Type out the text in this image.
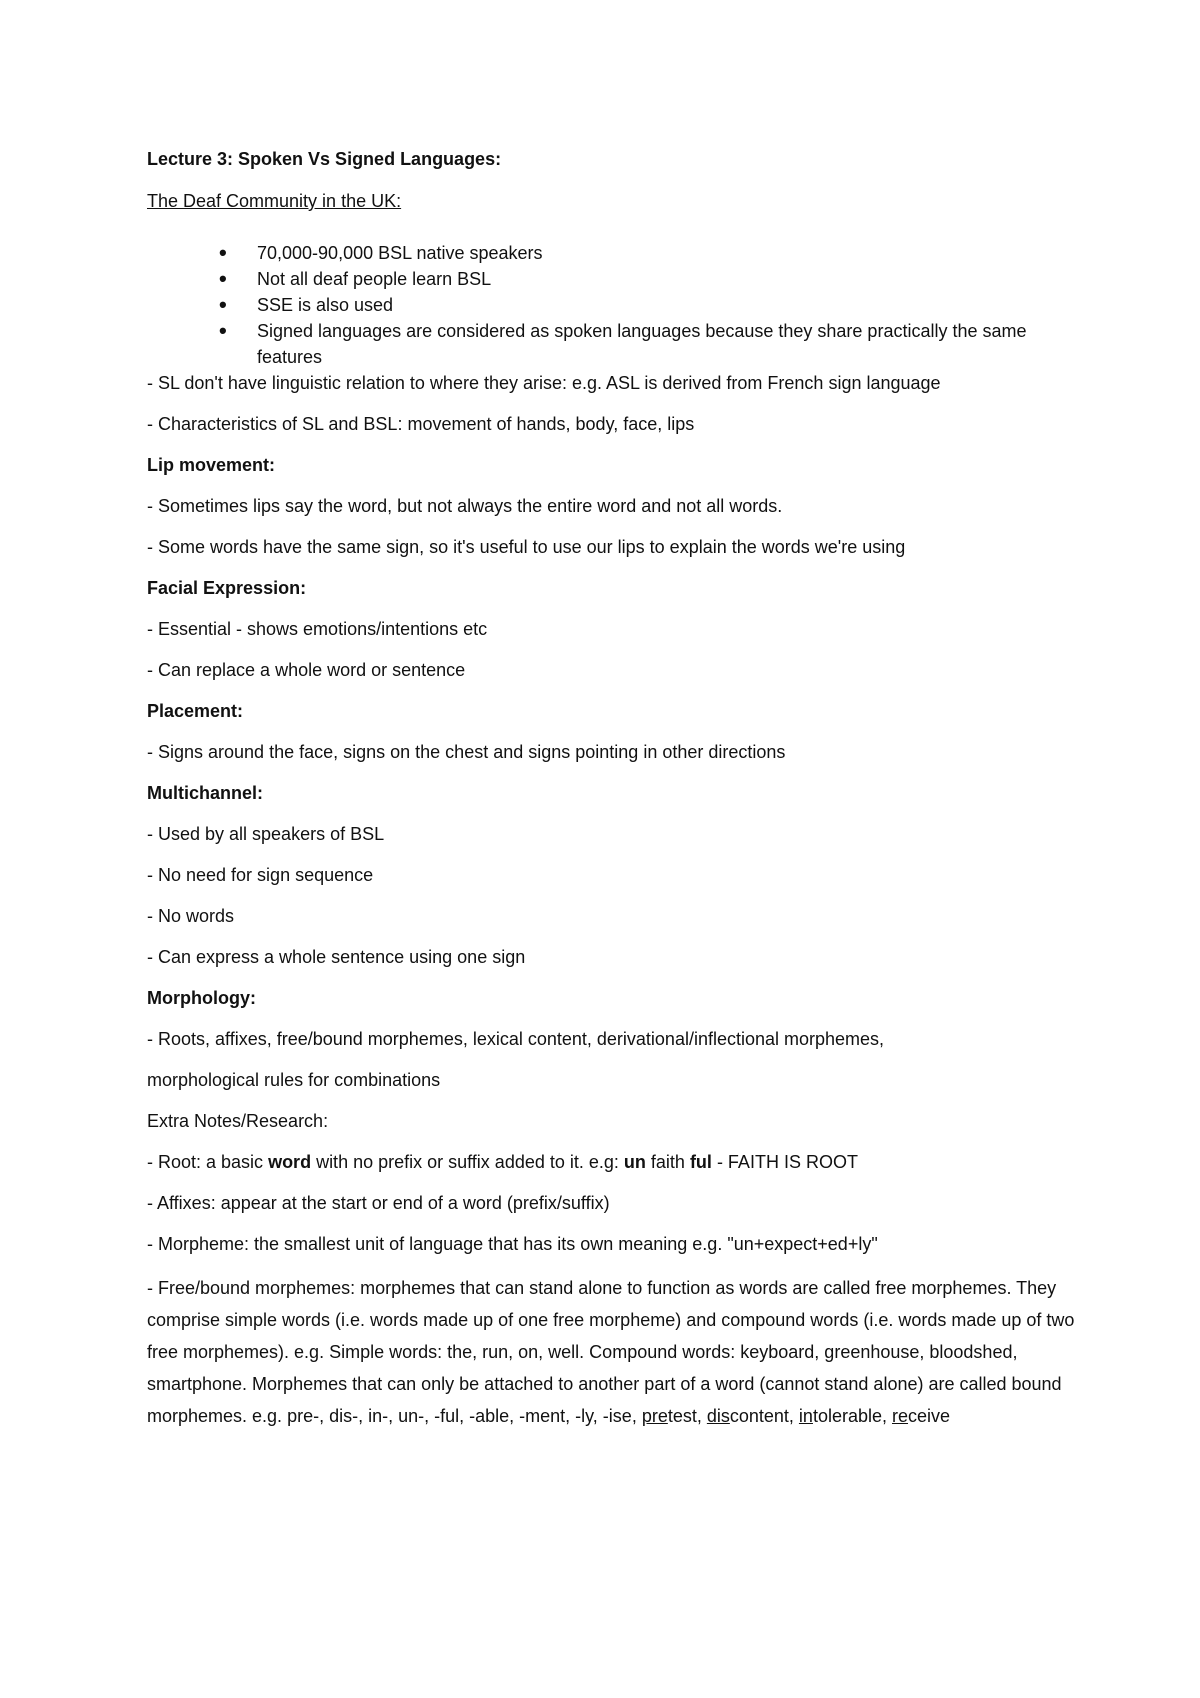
Lecture 3: Spoken Vs Signed Languages:
The Deaf Community in the UK:
• 70,000-90,000 BSL native speakers
• Not all deaf people learn BSL
• SSE is also used
• Signed languages are considered as spoken languages because they share practically the same features
- SL don't have linguistic relation to where they arise: e.g. ASL is derived from French sign language
- Characteristics of SL and BSL: movement of hands, body, face, lips
Lip movement:
- Sometimes lips say the word, but not always the entire word and not all words.
- Some words have the same sign, so it's useful to use our lips to explain the words we're using
Facial Expression:
- Essential - shows emotions/intentions etc
- Can replace a whole word or sentence
Placement:
- Signs around the face, signs on the chest and signs pointing in other directions
Multichannel:
- Used by all speakers of BSL
- No need for sign sequence
- No words
- Can express a whole sentence using one sign
Morphology:
- Roots, affixes, free/bound morphemes, lexical content, derivational/inflectional morphemes,
morphological rules for combinations
Extra Notes/Research:
- Root: a basic word with no prefix or suffix added to it. e.g: un faith ful - FAITH IS ROOT
- Affixes: appear at the start or end of a word (prefix/suffix)
- Morpheme: the smallest unit of language that has its own meaning e.g. "un+expect+ed+ly"
- Free/bound morphemes: morphemes that can stand alone to function as words are called free morphemes. They comprise simple words (i.e. words made up of one free morpheme) and compound words (i.e. words made up of two free morphemes). e.g. Simple words: the, run, on, well. Compound words: keyboard, greenhouse, bloodshed, smartphone. Morphemes that can only be attached to another part of a word (cannot stand alone) are called bound morphemes. e.g. pre-, dis-, in-, un-, -ful, -able, -ment, -ly, -ise, pretest, discontent, intolerable, receive
